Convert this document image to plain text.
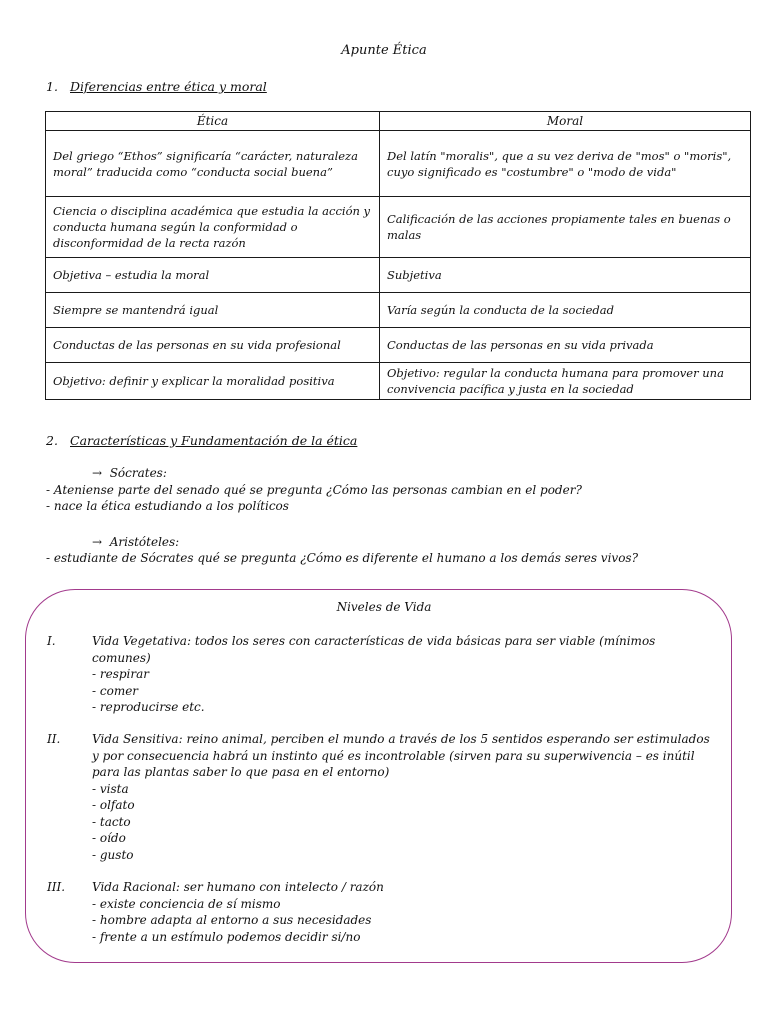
Apunte Ética
1. Diferencias entre ética y moral
Ética	Moral
Del griego “Ethos” significaría “carácter, naturaleza moral” traducida como “conducta social buena”	Del latín "moralis", que a su vez deriva de "mos" o "moris", cuyo significado es "costumbre" o "modo de vida"
Ciencia o disciplina académica que estudia la acción y conducta humana según la conformidad o disconformidad de la recta razón	Calificación de las acciones propiamente tales en buenas o malas
Objetiva – estudia la moral	Subjetiva
Siempre se mantendrá igual	Varía según la conducta de la sociedad
Conductas de las personas en su vida profesional	Conductas de las personas en su vida privada
Objetivo: definir y explicar la moralidad positiva	Objetivo: regular la conducta humana para promover una convivencia pacífica y justa en la sociedad
2. Características y Fundamentación de la ética
→ Sócrates:
- Ateniense parte del senado qué se pregunta ¿Cómo las personas cambian en el poder?
- nace la ética estudiando a los políticos
→ Aristóteles:
- estudiante de Sócrates qué se pregunta ¿Cómo es diferente el humano a los demás seres vivos?
Niveles de Vida
I.	Vida Vegetativa: todos los seres con características de vida básicas para ser viable (mínimos comunes)
- respirar
- comer
- reproducirse etc.
II.	Vida Sensitiva: reino animal, perciben el mundo a través de los 5 sentidos esperando ser estimulados y por consecuencia habrá un instinto qué es incontrolable (sirven para su superwivencia – es inútil para las plantas saber lo que pasa en el entorno)
- vista
- olfato
- tacto
- oído
- gusto
III. Vida Racional: ser humano con intelecto / razón
- existe conciencia de sí mismo
- hombre adapta al entorno a sus necesidades
- frente a un estímulo podemos decidir si/no
